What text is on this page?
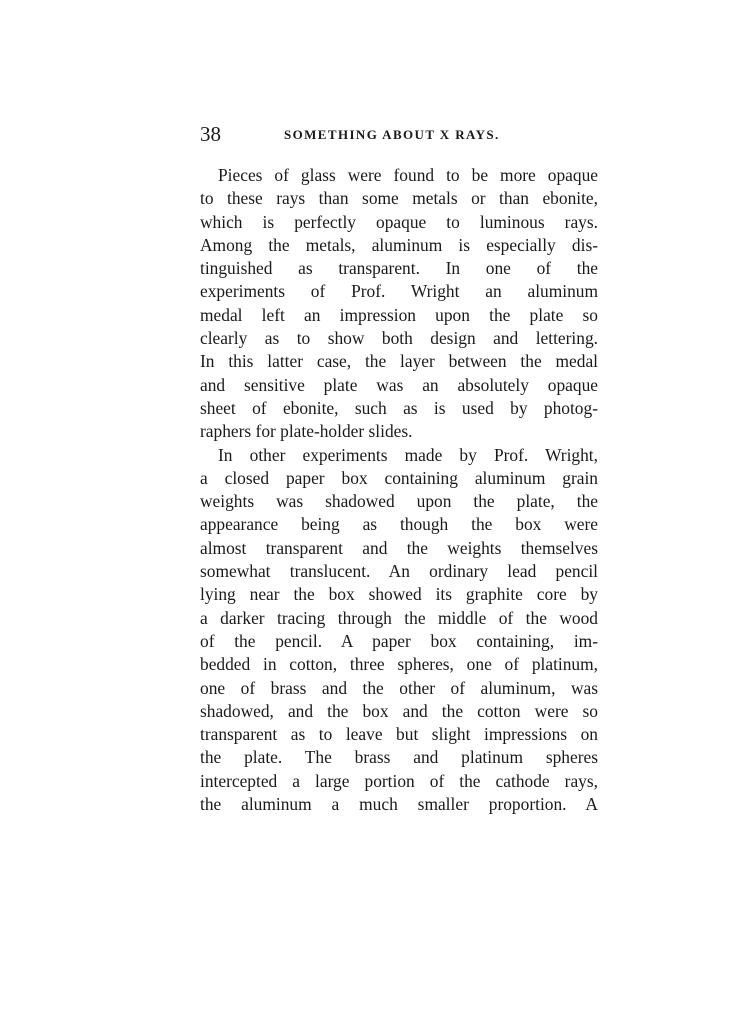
38	SOMETHING ABOUT X RAYS.

Pieces of glass were found to be more opaque
to these rays than some metals or than ebonite,
which is perfectly opaque to luminous rays.
Among the metals, aluminum is especially dis-
tinguished as transparent. In one of the
experiments of Prof. Wright an aluminum
medal left an impression upon the plate so
clearly as to show both design and lettering.
In this latter case, the layer between the medal
and sensitive plate was an absolutely opaque
sheet of ebonite, such as is used by photog-
raphers for plate-holder slides.

In other experiments made by Prof. Wright,
a closed paper box containing aluminum grain
weights was shadowed upon the plate, the
appearance being as though the box were
almost transparent and the weights themselves
somewhat translucent. An ordinary lead pencil
lying near the box showed its graphite core by
a darker tracing through the middle of the wood
of the pencil. A paper box containing, im-
bedded in cotton, three spheres, one of platinum,
one of brass and the other of aluminum, was
shadowed, and the box and the cotton were so
transparent as to leave but slight impressions on
the plate. The brass and platinum spheres
intercepted a large portion of the cathode rays,
the aluminum a much smaller proportion. A
